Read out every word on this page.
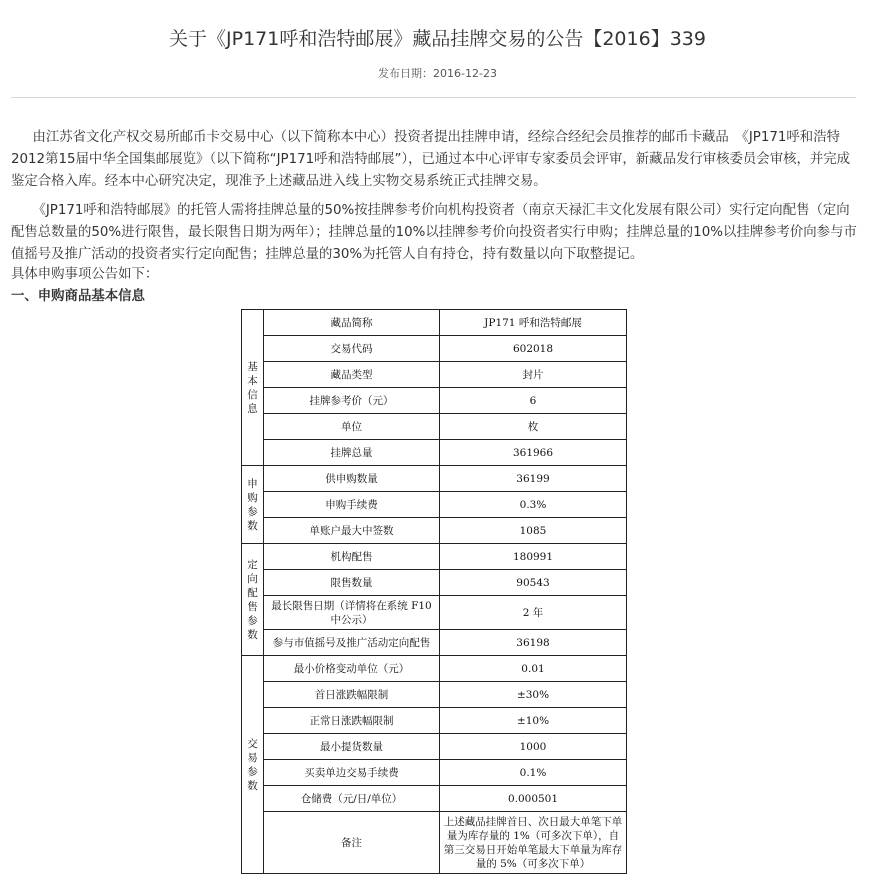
关于《JP171呼和浩特邮展》藏品挂牌交易的公告【2016】339
发布日期：2016-12-23
由江苏省文化产权交易所邮币卡交易中心（以下简称本中心）投资者提出挂牌申请，经综合经纪会员推荐的邮币卡藏品　《JP171呼和浩特2012第15届中华全国集邮展览》（以下简称“JP171呼和浩特邮展”），已通过本中心评审专家委员会评审，新藏品发行审核委员会审核，并完成鉴定合格入库。经本中心研究决定，现准予上述藏品进入线上实物交易系统正式挂牌交易。
《JP171呼和浩特邮展》的托管人需将挂牌总量的50%按挂牌参考价向机构投资者（南京天禄汇丰文化发展有限公司）实行定向配售（定向配售总数量的50%进行限售，最长限售日期为两年）；挂牌总量的10%以挂牌参考价向投资者实行申购；挂牌总量的10%以挂牌参考价向参与市值摇号及推广活动的投资者实行定向配售；挂牌总量的30%为托管人自有持仓，持有数量以向下取整提记。
具体申购事项公告如下：
一、申购商品基本信息
基本信息	藏品简称	JP171 呼和浩特邮展
	交易代码	602018
	藏品类型	封片
	挂牌参考价（元）	6
	单位	枚
	挂牌总量	361966
申购参数	供申购数量	36199
	申购手续费	0.3%
	单账户最大中签数	1085
定向配售参数	机构配售	180991
	限售数量	90543
	最长限售日期（详情将在系统 F10 中公示）	2 年
	参与市值摇号及推广活动定向配售	36198
交易参数	最小价格变动单位（元）	0.01
	首日涨跌幅限制	±30%
	正常日涨跌幅限制	±10%
	最小提货数量	1000
	买卖单边交易手续费	0.1%
	仓储费（元/日/单位）	0.000501
	备注	上述藏品挂牌首日、次日最大单笔下单量为库存量的 1%（可多次下单），自第三交易日开始单笔最大下单量为库存量的 5%（可多次下单）
